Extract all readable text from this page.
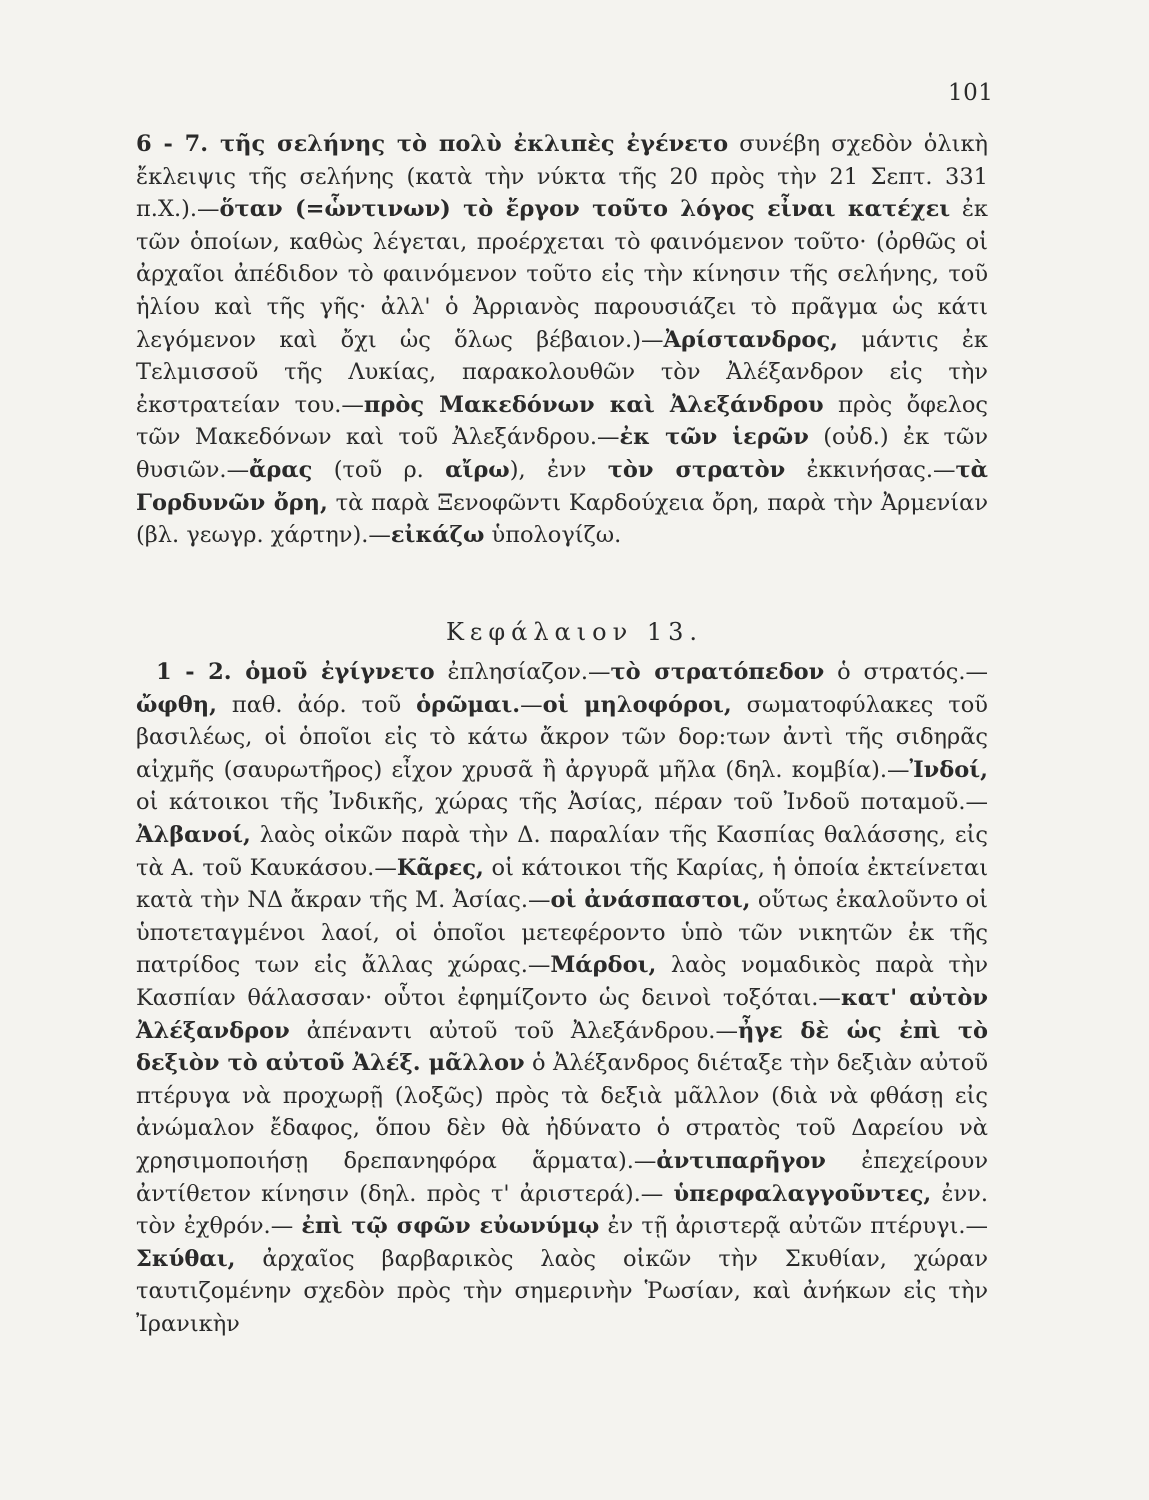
101

6 - 7. τῆς σελήνης τὸ πολὺ ἐκλιπὲς ἐγένετο συνέβη σχεδὸν ὁλικὴ ἔκλειψις τῆς σελήνης (κατὰ τὴν νύκτα τῆς 20 πρὸς τὴν 21 Σεπτ. 331 π.Χ.).—ὅταν (=ὧντινων) τὸ ἔργον τοῦτο λόγος εἶναι κατέχει ἐκ τῶν ὁποίων, καθὼς λέγεται, προέρχεται τὸ φαινόμενον τοῦτο· (ὀρθῶς οἱ ἀρχαῖοι ἀπέδιδον τὸ φαινόμενον τοῦτο εἰς τὴν κίνησιν τῆς σελήνης, τοῦ ἡλίου καὶ τῆς γῆς· ἀλλ' ὁ Ἀρριανὸς παρουσιάζει τὸ πρᾶγμα ὡς κάτι λεγόμενον καὶ ὄχι ὡς ὅλως βέβαιον.)—Ἀρίστανδρος, μάντις ἐκ Τελμισσοῦ τῆς Λυκίας, παρακολουθῶν τὸν Ἀλέξανδρον εἰς τὴν ἐκστρατείαν του.—πρὸς Μακεδόνων καὶ Ἀλεξάνδρου πρὸς ὄφελος τῶν Μακεδόνων καὶ τοῦ Ἀλεξάνδρου.—ἐκ τῶν ἱερῶν (οὐδ.) ἐκ τῶν θυσιῶν.—ἄρας (τοῦ ρ. αἴρω), ἐνν τὸν στρατὸν ἐκκινήσας.—τὰ Γορδυνῶν ὄρη, τὰ παρὰ Ξενοφῶντι Καρδούχεια ὄρη, παρὰ τὴν Ἀρμενίαν (βλ. γεωγρ. χάρτην).—εἰκάζω ὑπολογίζω.

Κεφάλαιον 13.

1 - 2. ὁμοῦ ἐγίγνετο ἐπλησίαζον.—τὸ στρατόπεδον ὁ στρατός.—ὤφθη, παθ. ἀόρ. τοῦ ὁρῶμαι.—οἱ μηλοφόροι, σωματοφύλακες τοῦ βασιλέως, οἱ ὁποῖοι εἰς τὸ κάτω ἄκρον τῶν δορ:των ἀντὶ τῆς σιδηρᾶς αἰχμῆς (σαυρωτῆρος) εἶχον χρυσᾶ ἢ ἀργυρᾶ μῆλα (δηλ. κομβία).—Ἰνδοί, οἱ κάτοικοι τῆς Ἰνδικῆς, χώρας τῆς Ἀσίας, πέραν τοῦ Ἰνδοῦ ποταμοῦ.—Ἀλβανοί, λαὸς οἰκῶν παρὰ τὴν Δ. παραλίαν τῆς Κασπίας θαλάσσης, εἰς τὰ Α. τοῦ Καυκάσου.—Κᾶρες, οἱ κάτοικοι τῆς Καρίας, ἡ ὁποία ἐκτείνεται κατὰ τὴν ΝΔ ἄκραν τῆς Μ. Ἀσίας.—οἱ ἀνάσπαστοι, οὕτως ἐκαλοῦντο οἱ ὑποτεταγμένοι λαοί, οἱ ὁποῖοι μετεφέροντο ὑπὸ τῶν νικητῶν ἐκ τῆς πατρίδος των εἰς ἄλλας χώρας.—Μάρδοι, λαὸς νομαδικὸς παρὰ τὴν Κασπίαν θάλασσαν· οὗτοι ἐφημίζοντο ὡς δεινοὶ τοξόται.—κατ' αὐτὸν Ἀλέξανδρον ἀπέναντι αὐτοῦ τοῦ Ἀλεξάνδρου.—ἦγε δὲ ὡς ἐπὶ τὸ δεξιὸν τὸ αὐτοῦ Ἀλέξ. μᾶλλον ὁ Ἀλέξανδρος διέταξε τὴν δεξιὰν αὐτοῦ πτέρυγα νὰ προχωρῇ (λοξῶς) πρὸς τὰ δεξιὰ μᾶλλον (διὰ νὰ φθάσῃ εἰς ἀνώμαλον ἔδαφος, ὅπου δὲν θὰ ἠδύνατο ὁ στρατὸς τοῦ Δαρείου νὰ χρησιμοποιήσῃ δρεπανηφόρα ἅρματα).—ἀντιπαρῆγον ἐπεχείρουν ἀντίθετον κίνησιν (δηλ. πρὸς τ' ἀριστερά).— ὑπερφαλαγγοῦντες, ἐνν. τὸν ἐχθρόν.— ἐπὶ τῷ σφῶν εὐωνύμῳ ἐν τῇ ἀριστερᾷ αὐτῶν πτέρυγι.—Σκύθαι, ἀρχαῖος βαρβαρικὸς λαὸς οἰκῶν τὴν Σκυθίαν, χώραν ταυτιζομένην σχεδὸν πρὸς τὴν σημερινὴν Ῥωσίαν, καὶ ἀνήκων εἰς τὴν Ἰρανικὴν
